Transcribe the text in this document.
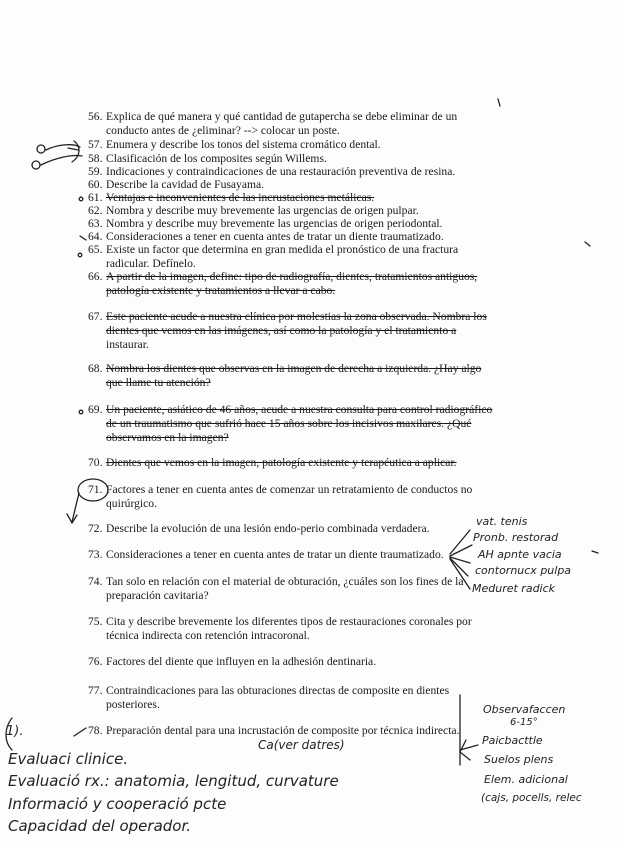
56. Explica de qué manera y qué cantidad de gutapercha se debe eliminar de un
conducto antes de ¿eliminar? --> colocar un poste.
57. Enumera y describe los tonos del sistema cromático dental.
58. Clasificación de los composites según Willems.
59. Indicaciones y contraindicaciones de una restauración preventiva de resina.
60. Describe la cavidad de Fusayama.
61. Ventajas e inconvenientes de las incrustaciones metálicas.
62. Nombra y describe muy brevemente las urgencias de origen pulpar.
63. Nombra y describe muy brevemente las urgencias de origen periodontal.
64. Consideraciones a tener en cuenta antes de tratar un diente traumatizado.
65. Existe un factor que determina en gran medida el pronóstico de una fractura
radicular. Defínelo.
66. A partir de la imagen, define: tipo de radiografía, dientes, tratamientos antiguos,
patología existente y tratamientos a llevar a cabo.
67. Este paciente acude a nuestra clínica por molestias la zona observada. Nombra los
dientes que vemos en las imágenes, así como la patología y el tratamiento a
instaurar.
68. Nombra los dientes que observas en la imagen de derecha a izquierda. ¿Hay algo
que llame tu atención?
69. Un paciente, asiático de 46 años, acude a nuestra consulta para control radiográfico
de un traumatismo que sufrió hace 15 años sobre los incisivos maxilares. ¿Qué
observamos en la imagen?
70. Dientes que vemos en la imagen, patología existente y terapéutica a aplicar.
71. Factores a tener en cuenta antes de comenzar un retratamiento de conductos no
quirúrgico.
72. Describe la evolución de una lesión endo-perio combinada verdadera.
73. Consideraciones a tener en cuenta antes de tratar un diente traumatizado.
74. Tan solo en relación con el material de obturación, ¿cuáles son los fines de la
preparación cavitaria?
75. Cita y describe brevemente los diferentes tipos de restauraciones coronales por
técnica indirecta con retención intracoronal.
76. Factores del diente que influyen en la adhesión dentinaria.
77. Contraindicaciones para las obturaciones directas de composite en dientes
posteriores.
78. Preparación dental para una incrustación de composite por técnica indirecta.
vat. tenis
Pronb. restorad
AH apnte vacia
contornucx pulpa
Meduret radick
Observafaccen
6-15°
Paicbacttle
Suelos plens
Elem. adicional
(cajs, pocells, relec
Ca(ver datres)
1).
Evaluaci clinice.
Evaluació rx.: anatomia, lengitud, curvature
Informació y cooperació pcte
Capacidad del operador.
